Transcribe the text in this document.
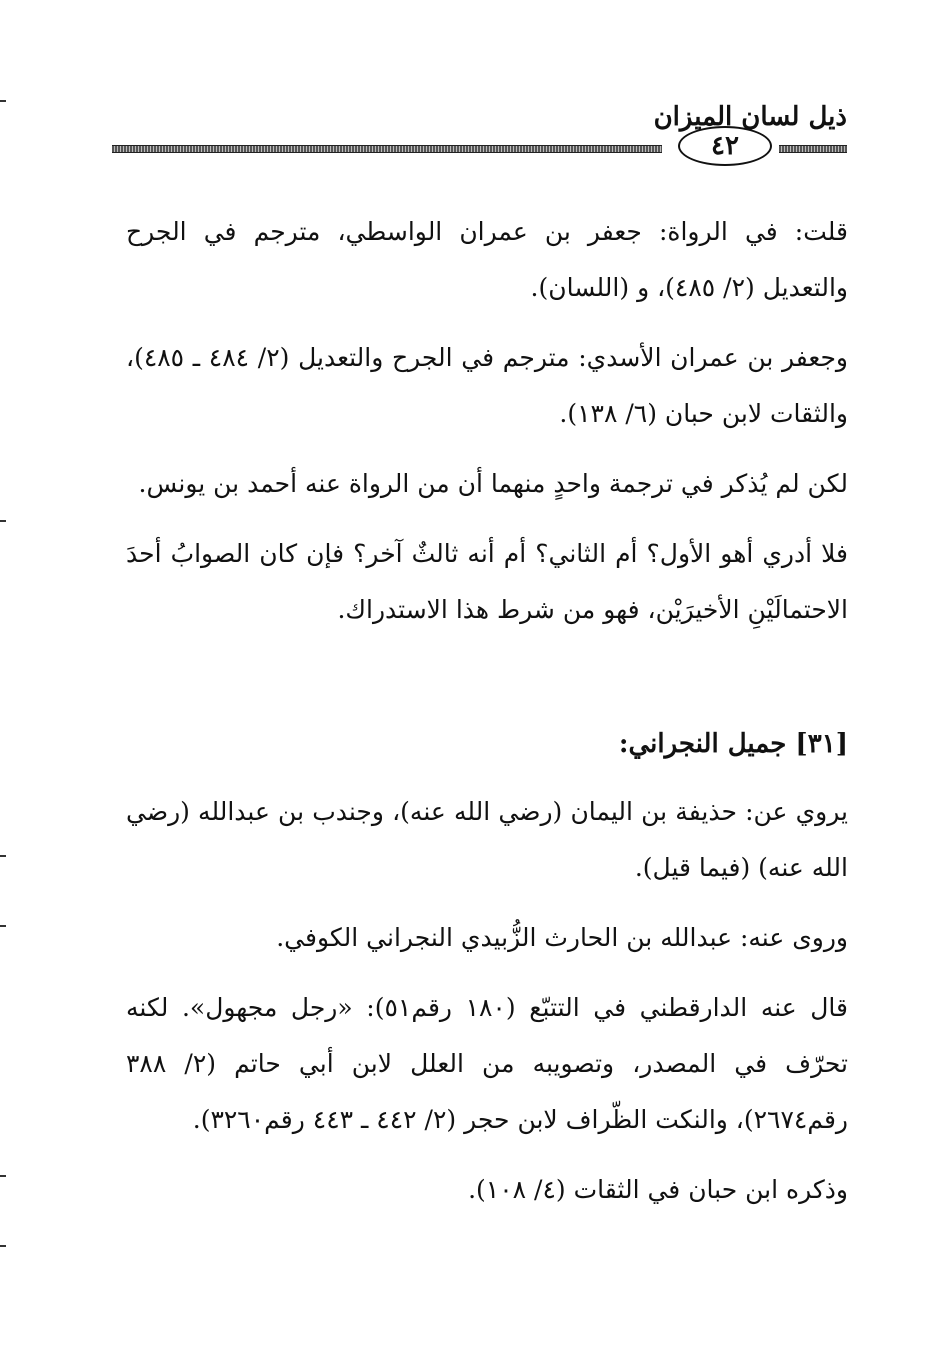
٤٢
ذيل لسان الميزان

قلت: في الرواة: جعفر بن عمران الواسطي، مترجم في الجرح والتعديل (٢/ ٤٨٥)، و (اللسان).

وجعفر بن عمران الأسدي: مترجم في الجرح والتعديل (٢/ ٤٨٤ ـ ٤٨٥)، والثقات لابن حبان (٦/ ١٣٨).

لكن لم يُذكر في ترجمة واحدٍ منهما أن من الرواة عنه أحمد بن يونس.

فلا أدري أهو الأول؟ أم الثاني؟ أم أنه ثالثٌ آخر؟ فإن كان الصوابُ أحدَ الاحتمالَيْنِ الأخيرَيْن، فهو من شرط هذا الاستدراك.

[٣١] جميل النجراني:

يروي عن: حذيفة بن اليمان (رضي الله عنه)، وجندب بن عبدالله (رضي الله عنه) (فيما قيل).

وروى عنه: عبدالله بن الحارث الزُّبيدي النجراني الكوفي.

قال عنه الدارقطني في التتبّع (١٨٠ رقم٥١): «رجل مجهول». لكنه تحرّف في المصدر، وتصويبه من العلل لابن أبي حاتم (٢/ ٣٨٨ رقم٢٦٧٤)، والنكت الظّراف لابن حجر (٢/ ٤٤٢ ـ ٤٤٣ رقم٣٢٦٠).

وذكره ابن حبان في الثقات (٤/ ١٠٨).
